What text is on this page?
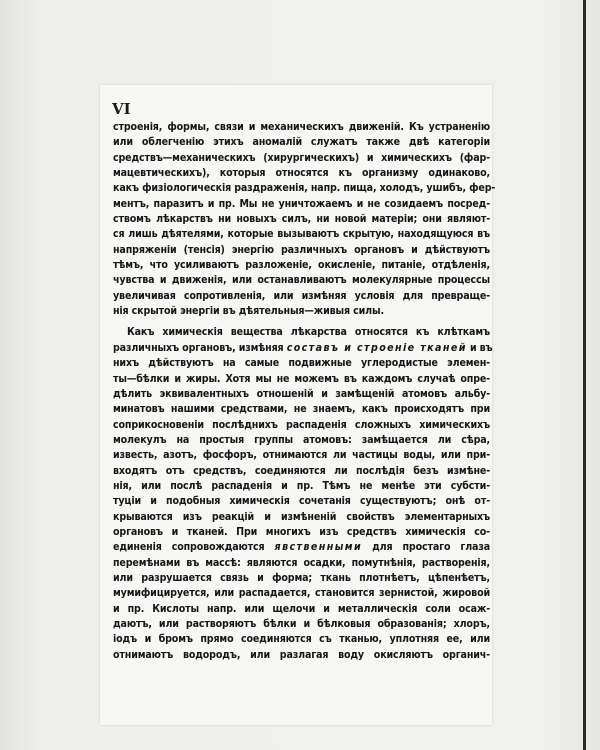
VI
строенія, формы, связи и механическихъ движеній. Къ устраненію
или облегченію этихъ аномалій служатъ также двѣ категоріи
средствъ—механическихъ (хирургическихъ) и химическихъ (фар-
мацевтическихъ), которыя относятся къ организму одинаково,
какъ физіологическія раздраженія, напр. пища, холодъ, ушибъ, фер-
ментъ, паразитъ и пр. Мы не уничтожаемъ и не созидаемъ посред-
ствомъ лѣкарствъ ни новыхъ силъ, ни новой матеріи; они являют-
ся лишь дѣятелями, которые вызываютъ скрытую, находящуюся въ
напряженіи (тенсія) энергію различныхъ органовъ и дѣйствуютъ
тѣмъ, что усиливаютъ разложеніе, окисленіе, питаніе, отдѣленія,
чувства и движенія, или останавливаютъ молекулярные процессы
увеличивая сопротивленія, или измѣняя условія для превращe-
нія скрытой энергіи въ дѣятельныя—живыя силы.
Какъ химическія вещества лѣкарства относятся къ клѣткамъ
различныхъ органовъ, измѣняя составъ и строеніе тканей и въ
нихъ дѣйствуютъ на самые подвижные углеродистые элемен-
ты—бѣлки и жиры. Хотя мы не можемъ въ каждомъ случаѣ опре-
дѣлить эквивалентныхъ отношеній и замѣщеній атомовъ альбу-
минатовъ нашими средствами, не знаемъ, какъ происходятъ при
соприкосновеніи послѣднихъ распаденія сложныхъ химическихъ
молекулъ на простыя группы атомовъ: замѣщается ли сѣра,
известь, азотъ, фосфоръ, отнимаются ли частицы воды, или при-
входятъ отъ средствъ, соединяются ли послѣдія безъ измѣне-
нія, или послѣ распаденія и пр. Тѣмъ не менѣе эти субсти-
туціи и подобныя химическія сочетанія существуютъ; онѣ от-
крываются изъ реакцій и измѣненій свойствъ элементарныхъ
органовъ и тканей. При многихъ изъ средствъ химическія со-
единенія сопровождаются явственными для простаго глаза
перемѣнами въ массѣ: являются осадки, помутнѣнія, растворенія,
или разрушается связь и форма; ткань плотнѣетъ, цѣпенѣетъ,
мумифицируется, или распадается, становится зернистой, жировой
и пр. Кислоты напр. или щелочи и металлическія соли осаж-
даютъ, или растворяютъ бѣлки и бѣлковыя образованія; хлоръ,
іодъ и бромъ прямо соединяются съ тканью, уплотняя ее, или
отнимаютъ водородъ, или разлагая воду окисляютъ органич-
